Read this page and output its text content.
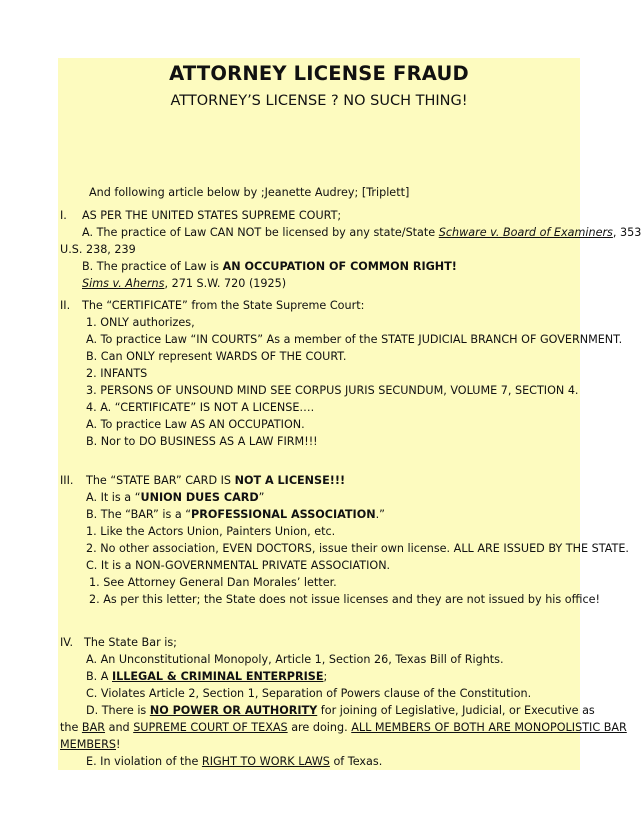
ATTORNEY LICENSE FRAUD
ATTORNEY’S LICENSE ? NO SUCH THING!
And following article below by ;Jeanette Audrey; [Triplett]
I. AS PER THE UNITED STATES SUPREME COURT;
A. The practice of Law CAN NOT be licensed by any state/State Schware v. Board of Examiners, 353
U.S. 238, 239
B. The practice of Law is AN OCCUPATION OF COMMON RIGHT!
Sims v. Aherns, 271 S.W. 720 (1925)
II. The “CERTIFICATE” from the State Supreme Court:
1. ONLY authorizes,
A. To practice Law “IN COURTS” As a member of the STATE JUDICIAL BRANCH OF GOVERNMENT.
B. Can ONLY represent WARDS OF THE COURT.
2. INFANTS
3. PERSONS OF UNSOUND MIND SEE CORPUS JURIS SECUNDUM, VOLUME 7, SECTION 4.
4. A. “CERTIFICATE” IS NOT A LICENSE….
A. To practice Law AS AN OCCUPATION.
B. Nor to DO BUSINESS AS A LAW FIRM!!!
III. The “STATE BAR” CARD IS NOT A LICENSE!!!
A. It is a “UNION DUES CARD”
B. The “BAR” is a “PROFESSIONAL ASSOCIATION.”
1. Like the Actors Union, Painters Union, etc.
2. No other association, EVEN DOCTORS, issue their own license. ALL ARE ISSUED BY THE STATE.
C. It is a NON-GOVERNMENTAL PRIVATE ASSOCIATION.
1. See Attorney General Dan Morales’ letter.
2. As per this letter; the State does not issue licenses and they are not issued by his office!
IV. The State Bar is;
A. An Unconstitutional Monopoly, Article 1, Section 26, Texas Bill of Rights.
B. A ILLEGAL & CRIMINAL ENTERPRISE;
C. Violates Article 2, Section 1, Separation of Powers clause of the Constitution.
D. There is NO POWER OR AUTHORITY for joining of Legislative, Judicial, or Executive as
the BAR and SUPREME COURT OF TEXAS are doing. ALL MEMBERS OF BOTH ARE MONOPOLISTIC BAR
MEMBERS!
E. In violation of the RIGHT TO WORK LAWS of Texas.
